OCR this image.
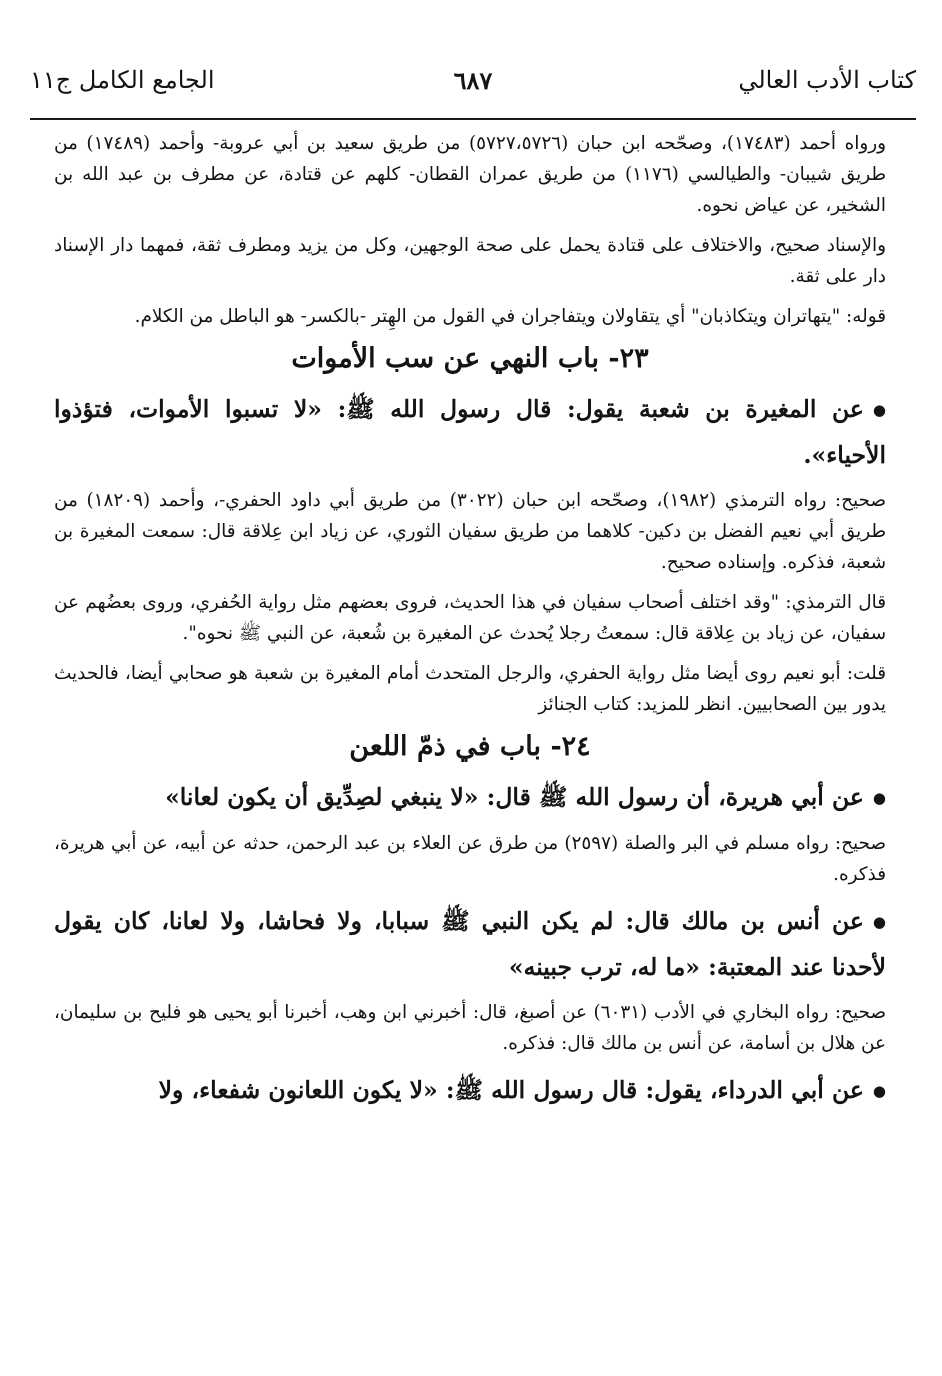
كتاب الأدب العالي
٦٨٧
الجامع الكامل ج١١

ورواه أحمد (١٧٤٨٣)، وصحّحه ابن حبان (٥٧٢٧،٥٧٢٦) من طريق سعيد بن أبي عروبة- وأحمد (١٧٤٨٩) من طريق شيبان- والطيالسي (١١٧٦) من طريق عمران القطان- كلهم عن قتادة، عن مطرف بن عبد الله بن الشخير، عن عياض نحوه.

والإسناد صحيح، والاختلاف على قتادة يحمل على صحة الوجهين، وكل من يزيد ومطرف ثقة، فمهما دار الإسناد دار على ثقة.

قوله: "يتهاتران ويتكاذبان" أي يتقاولان ويتفاجران في القول من الهِتر -بالكسر- هو الباطل من الكلام.

٢٣- باب النهي عن سب الأموات

●عن المغيرة بن شعبة يقول: قال رسول الله ﷺ: «لا تسبوا الأموات، فتؤذوا الأحياء».

صحيح: رواه الترمذي (١٩٨٢)، وصحّحه ابن حبان (٣٠٢٢) من طريق أبي داود الحفري-، وأحمد (١٨٢٠٩) من طريق أبي نعيم الفضل بن دكين- كلاهما من طريق سفيان الثوري، عن زياد ابن عِلاقة قال: سمعت المغيرة بن شعبة، فذكره. وإسناده صحيح.

قال الترمذي: "وقد اختلف أصحاب سفيان في هذا الحديث، فروى بعضهم مثل رواية الحُفري، وروى بعضُهم عن سفيان، عن زياد بن عِلاقة قال: سمعتُ رجلا يُحدث عن المغيرة بن شُعبة، عن النبي ﷺ نحوه".

قلت: أبو نعيم روى أيضا مثل رواية الحفري، والرجل المتحدث أمام المغيرة بن شعبة هو صحابي أيضا، فالحديث يدور بين الصحابيين. انظر للمزيد: كتاب الجنائز

٢٤- باب في ذمّ اللعن

●عن أبي هريرة، أن رسول الله ﷺ قال: «لا ينبغي لصِدِّيق أن يكون لعانا»

صحيح: رواه مسلم في البر والصلة (٢٥٩٧) من طرق عن العلاء بن عبد الرحمن، حدثه عن أبيه، عن أبي هريرة، فذكره.

●عن أنس بن مالك قال: لم يكن النبي ﷺ سبابا، ولا فحاشا، ولا لعانا، كان يقول لأحدنا عند المعتبة: «ما له، ترب جبينه»

صحيح: رواه البخاري في الأدب (٦٠٣١) عن أصبغ، قال: أخبرني ابن وهب، أخبرنا أبو يحيى هو فليح بن سليمان، عن هلال بن أسامة، عن أنس بن مالك قال: فذكره.

●عن أبي الدرداء، يقول: قال رسول الله ﷺ: «لا يكون اللعانون شفعاء، ولا
